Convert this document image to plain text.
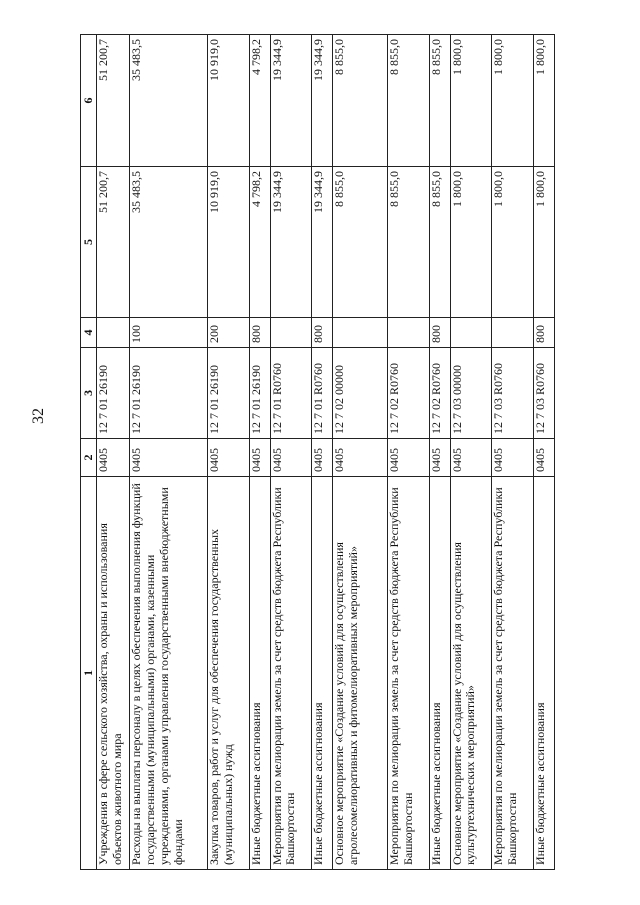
32
1	2	3	4	5	6
Учреждения в сфере сельского хозяйства, охраны и использования объектов животного мира	0405	12 7 01 26190		51 200,7	51 200,7
Расходы на выплаты персоналу в целях обеспечения выполнения функций государственными (муниципальными) органами, казенными учреждениями, органами управления государственными внебюджетными фондами	0405	12 7 01 26190	100	35 483,5	35 483,5
Закупка товаров, работ и услуг для обеспечения государственных (муниципальных) нужд	0405	12 7 01 26190	200	10 919,0	10 919,0
Иные бюджетные ассигнования	0405	12 7 01 26190	800	4 798,2	4 798,2
Мероприятия по мелиорации земель за счет средств бюджета Республики Башкортостан	0405	12 7 01 R0760		19 344,9	19 344,9
Иные бюджетные ассигнования	0405	12 7 01 R0760	800	19 344,9	19 344,9
Основное мероприятие «Создание условий для осуществления агролесомелиоративных и фитомелиоративных мероприятий»	0405	12 7 02 00000		8 855,0	8 855,0
Мероприятия по мелиорации земель за счет средств бюджета Республики Башкортостан	0405	12 7 02 R0760		8 855,0	8 855,0
Иные бюджетные ассигнования	0405	12 7 02 R0760	800	8 855,0	8 855,0
Основное мероприятие «Создание условий для осуществления культуртехнических мероприятий»	0405	12 7 03 00000		1 800,0	1 800,0
Мероприятия по мелиорации земель за счет средств бюджета Республики Башкортостан	0405	12 7 03 R0760		1 800,0	1 800,0
Иные бюджетные ассигнования	0405	12 7 03 R0760	800	1 800,0	1 800,0
